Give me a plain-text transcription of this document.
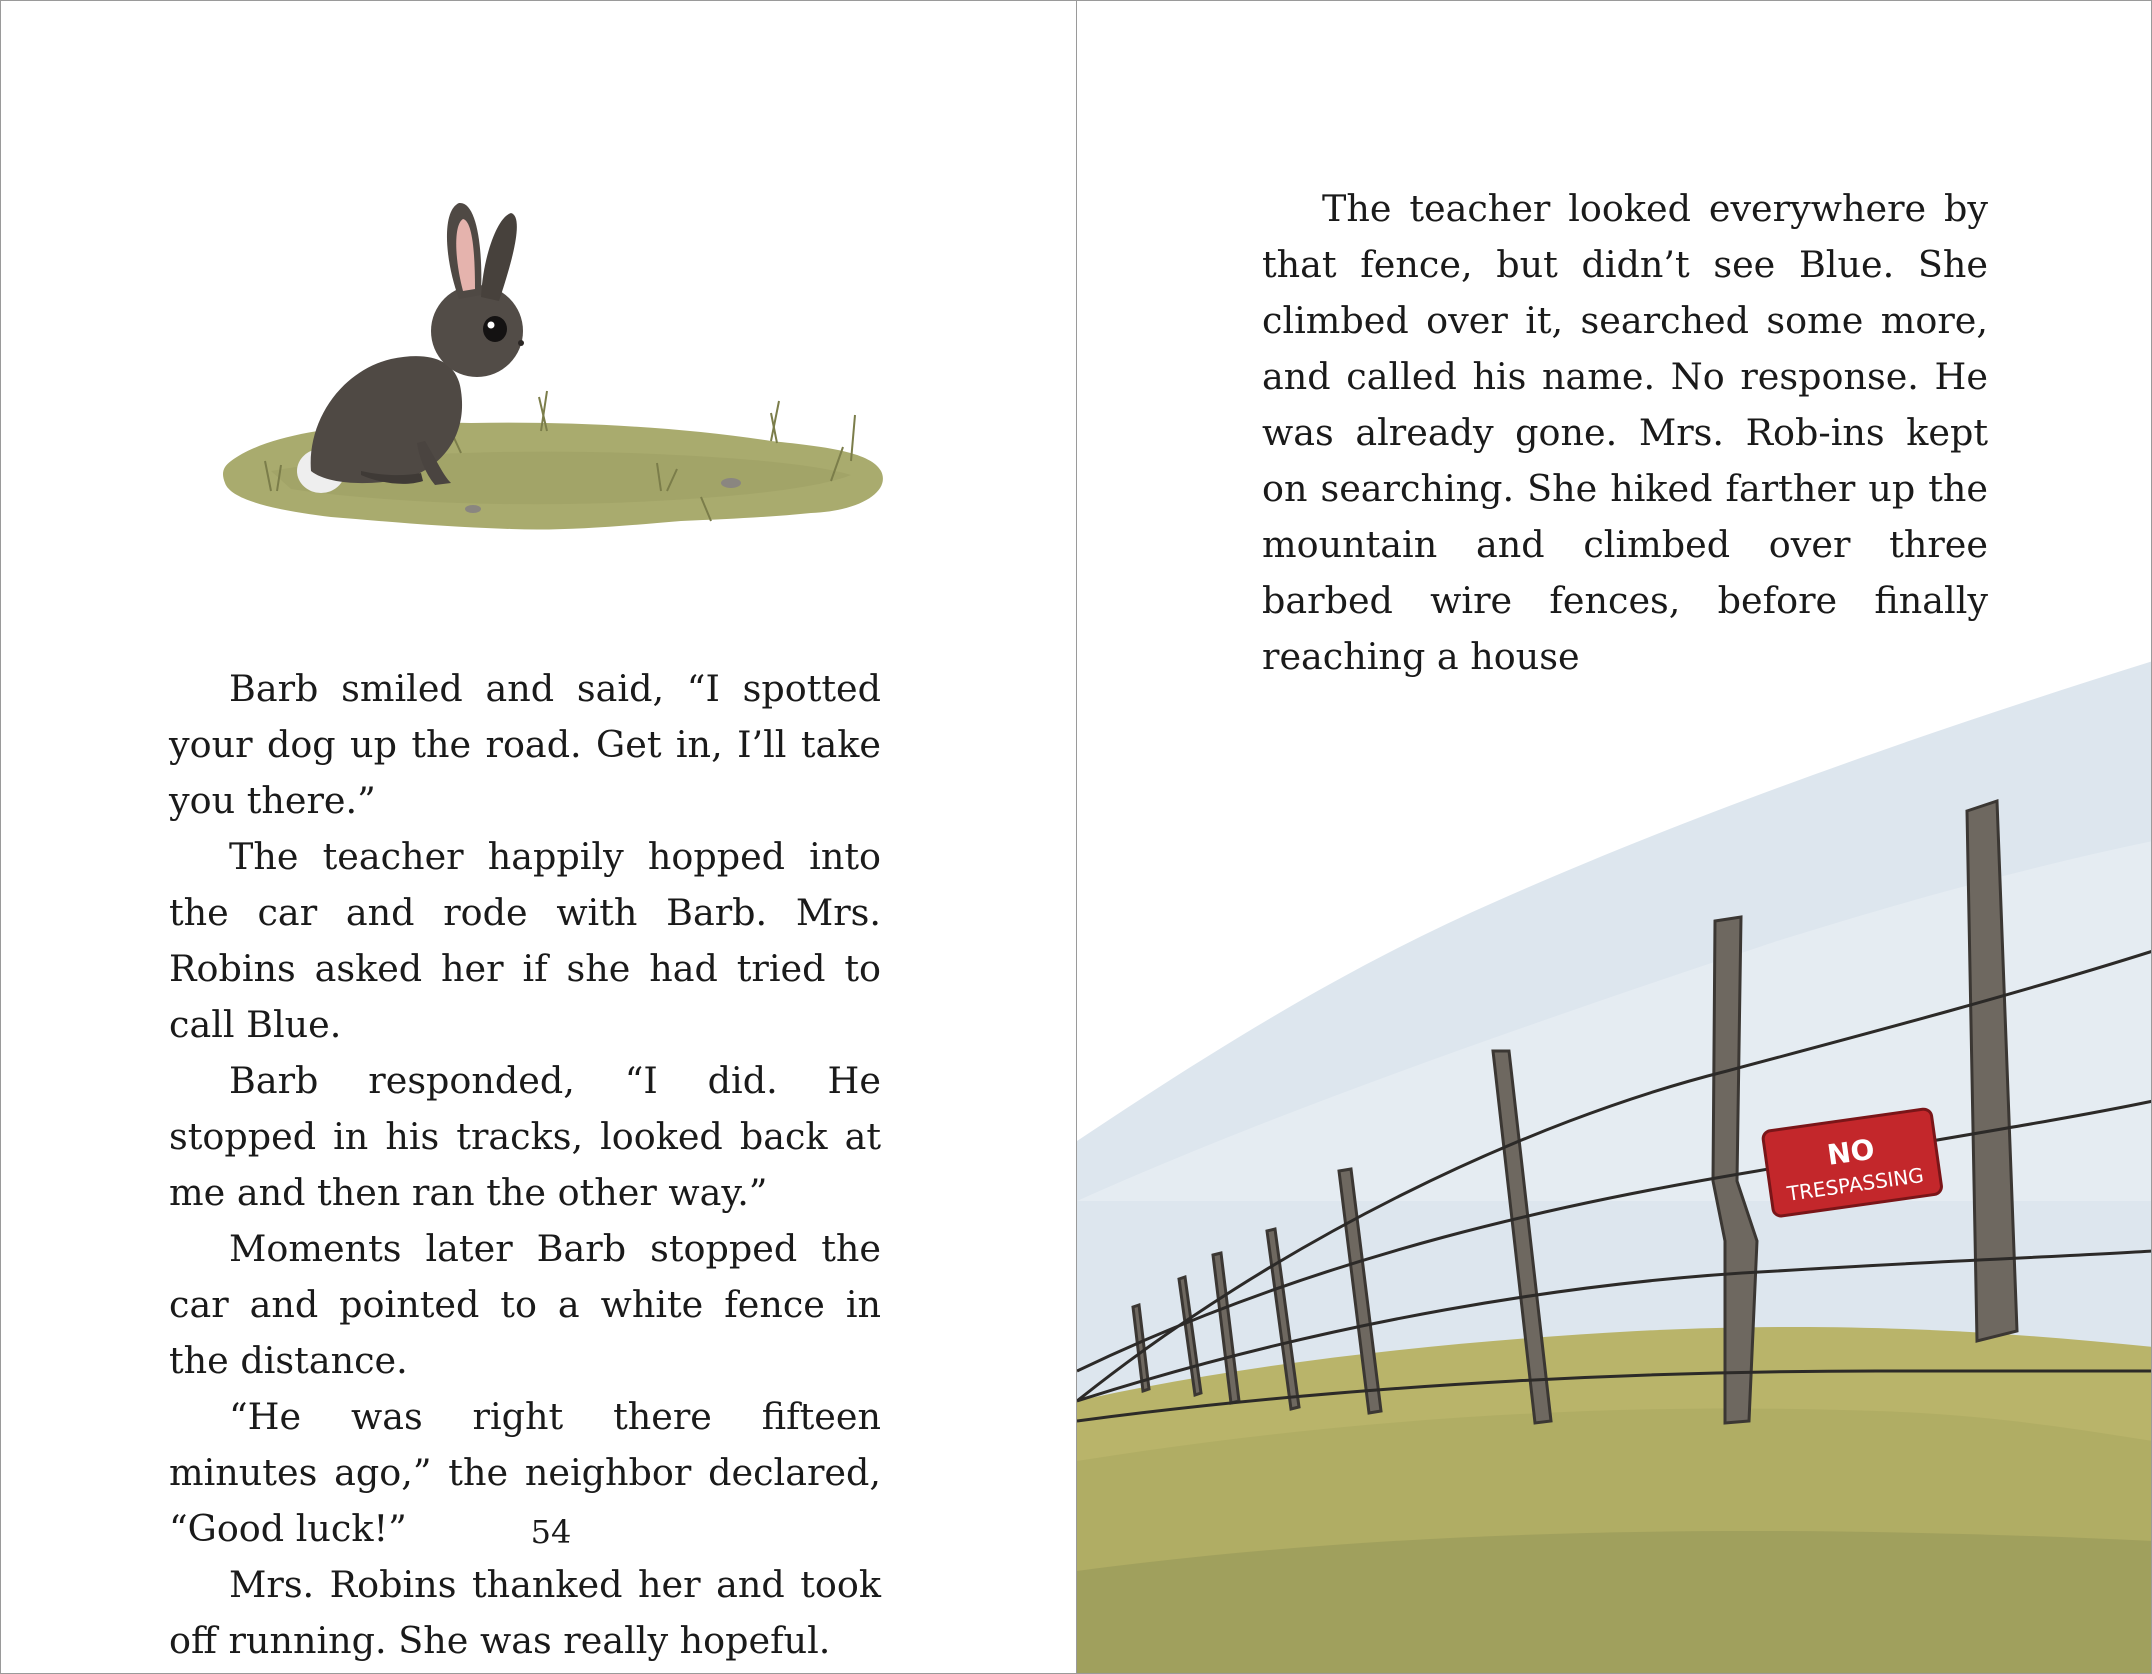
Barb smiled and said, “I spotted your dog up the road. Get in, I’ll take you there.”

The teacher happily hopped into the car and rode with Barb. Mrs. Robins asked her if she had tried to call Blue.

Barb responded, “I did. He stopped in his tracks, looked back at me and then ran the other way.”

Moments later Barb stopped the car and pointed to a white fence in the distance.

“He was right there fifteen minutes ago,” the neighbor declared, “Good luck!”

Mrs. Robins thanked her and took off running. She was really hopeful.

54

The teacher looked everywhere by that fence, but didn’t see Blue. She climbed over it, searched some more, and called his name. No response. He was already gone. Mrs. Rob-ins kept on searching. She hiked farther up the mountain and climbed over three barbed wire fences, before finally reaching a house

NO
TRESPASSING
